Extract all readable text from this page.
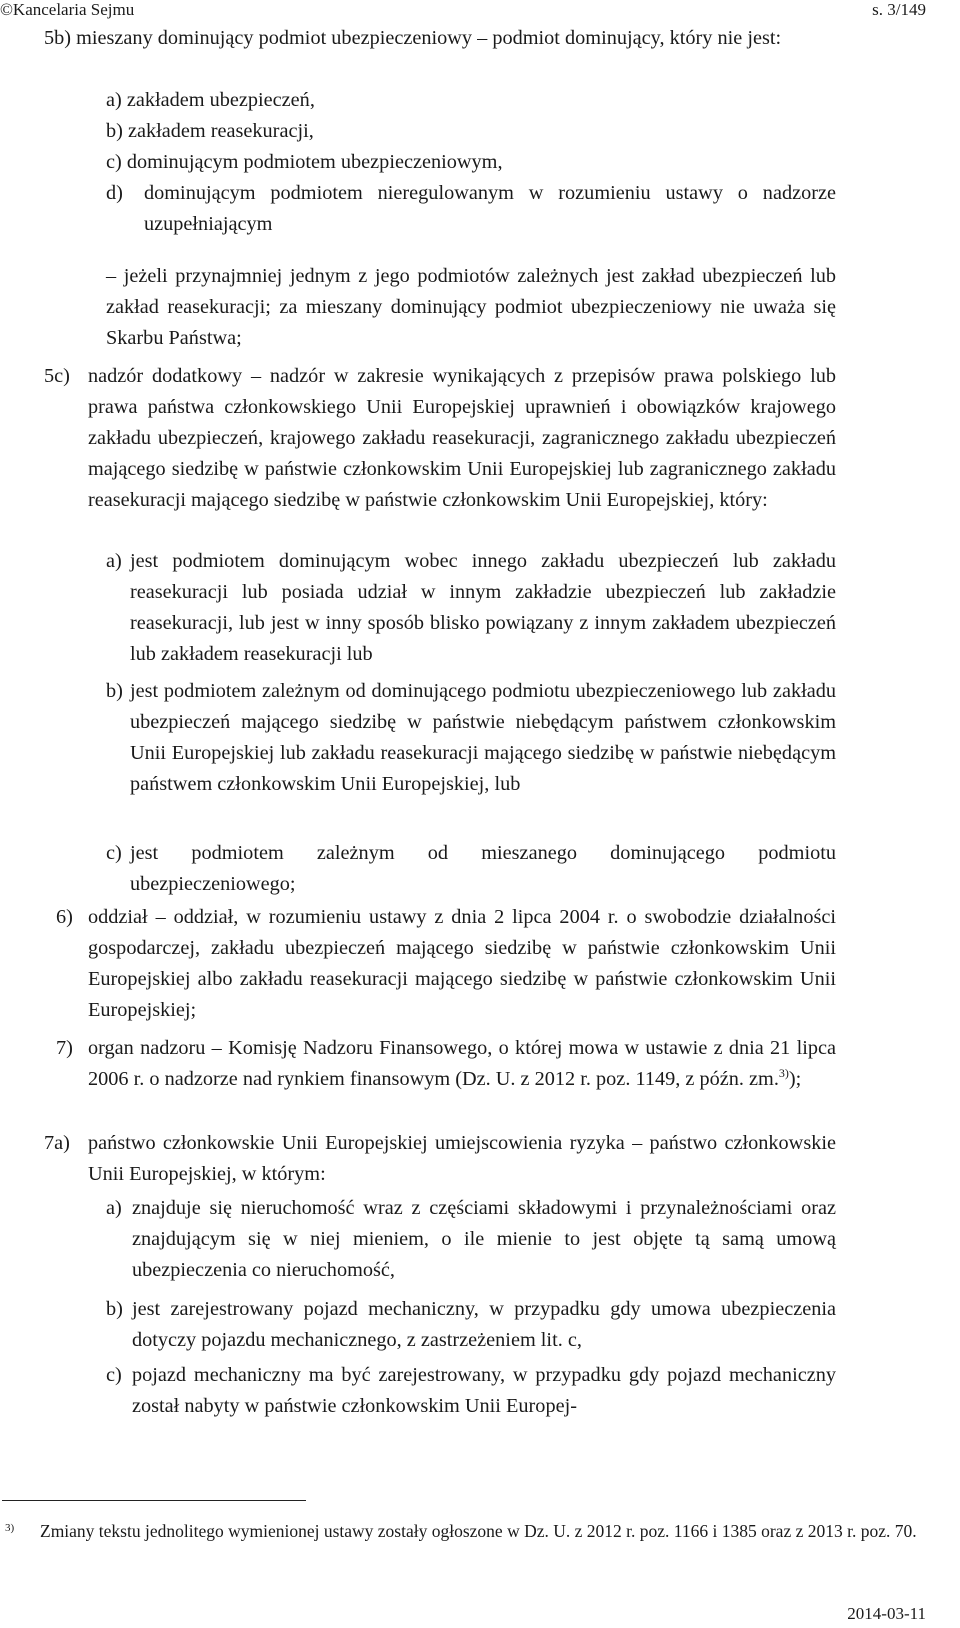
©Kancelaria Sejmu	s. 3/149
5b) mieszany dominujący podmiot ubezpieczeniowy – podmiot dominujący, który nie jest:
a) zakładem ubezpieczeń,
b) zakładem reasekuracji,
c) dominującym podmiotem ubezpieczeniowym,
d) dominującym podmiotem nieregulowanym w rozumieniu ustawy o nadzorze uzupełniającym
– jeżeli przynajmniej jednym z jego podmiotów zależnych jest zakład ubezpieczeń lub zakład reasekuracji; za mieszany dominujący podmiot ubezpieczeniowy nie uważa się Skarbu Państwa;
5c) nadzór dodatkowy – nadzór w zakresie wynikających z przepisów prawa polskiego lub prawa państwa członkowskiego Unii Europejskiej uprawnień i obowiązków krajowego zakładu ubezpieczeń, krajowego zakładu reasekuracji, zagranicznego zakładu ubezpieczeń mającego siedzibę w państwie członkowskim Unii Europejskiej lub zagranicznego zakładu reasekuracji mającego siedzibę w państwie członkowskim Unii Europejskiej, który:
a) jest podmiotem dominującym wobec innego zakładu ubezpieczeń lub zakładu reasekuracji lub posiada udział w innym zakładzie ubezpieczeń lub zakładzie reasekuracji, lub jest w inny sposób blisko powiązany z innym zakładem ubezpieczeń lub zakładem reasekuracji lub
b) jest podmiotem zależnym od dominującego podmiotu ubezpieczeniowego lub zakładu ubezpieczeń mającego siedzibę w państwie niebędącym państwem członkowskim Unii Europejskiej lub zakładu reasekuracji mającego siedzibę w państwie niebędącym państwem członkowskim Unii Europejskiej, lub
c) jest podmiotem zależnym od mieszanego dominującego podmiotu ubezpieczeniowego;
6) oddział – oddział, w rozumieniu ustawy z dnia 2 lipca 2004 r. o swobodzie działalności gospodarczej, zakładu ubezpieczeń mającego siedzibę w państwie członkowskim Unii Europejskiej albo zakładu reasekuracji mającego siedzibę w państwie członkowskim Unii Europejskiej;
7) organ nadzoru – Komisję Nadzoru Finansowego, o której mowa w ustawie z dnia 21 lipca 2006 r. o nadzorze nad rynkiem finansowym (Dz. U. z 2012 r. poz. 1149, z późn. zm.$^{3)}$);
7a) państwo członkowskie Unii Europejskiej umiejscowienia ryzyka – państwo członkowskie Unii Europejskiej, w którym:
a) znajduje się nieruchomość wraz z częściami składowymi i przynależnościami oraz znajdującym się w niej mieniem, o ile mienie to jest objęte tą samą umową ubezpieczenia co nieruchomość,
b) jest zarejestrowany pojazd mechaniczny, w przypadku gdy umowa ubezpieczenia dotyczy pojazdu mechanicznego, z zastrzeżeniem lit. c,
c) pojazd mechaniczny ma być zarejestrowany, w przypadku gdy pojazd mechaniczny został nabyty w państwie członkowskim Unii Europej-
3)	Zmiany tekstu jednolitego wymienionej ustawy zostały ogłoszone w Dz. U. z 2012 r. poz. 1166 i 1385 oraz z 2013 r. poz. 70.
2014-03-11
